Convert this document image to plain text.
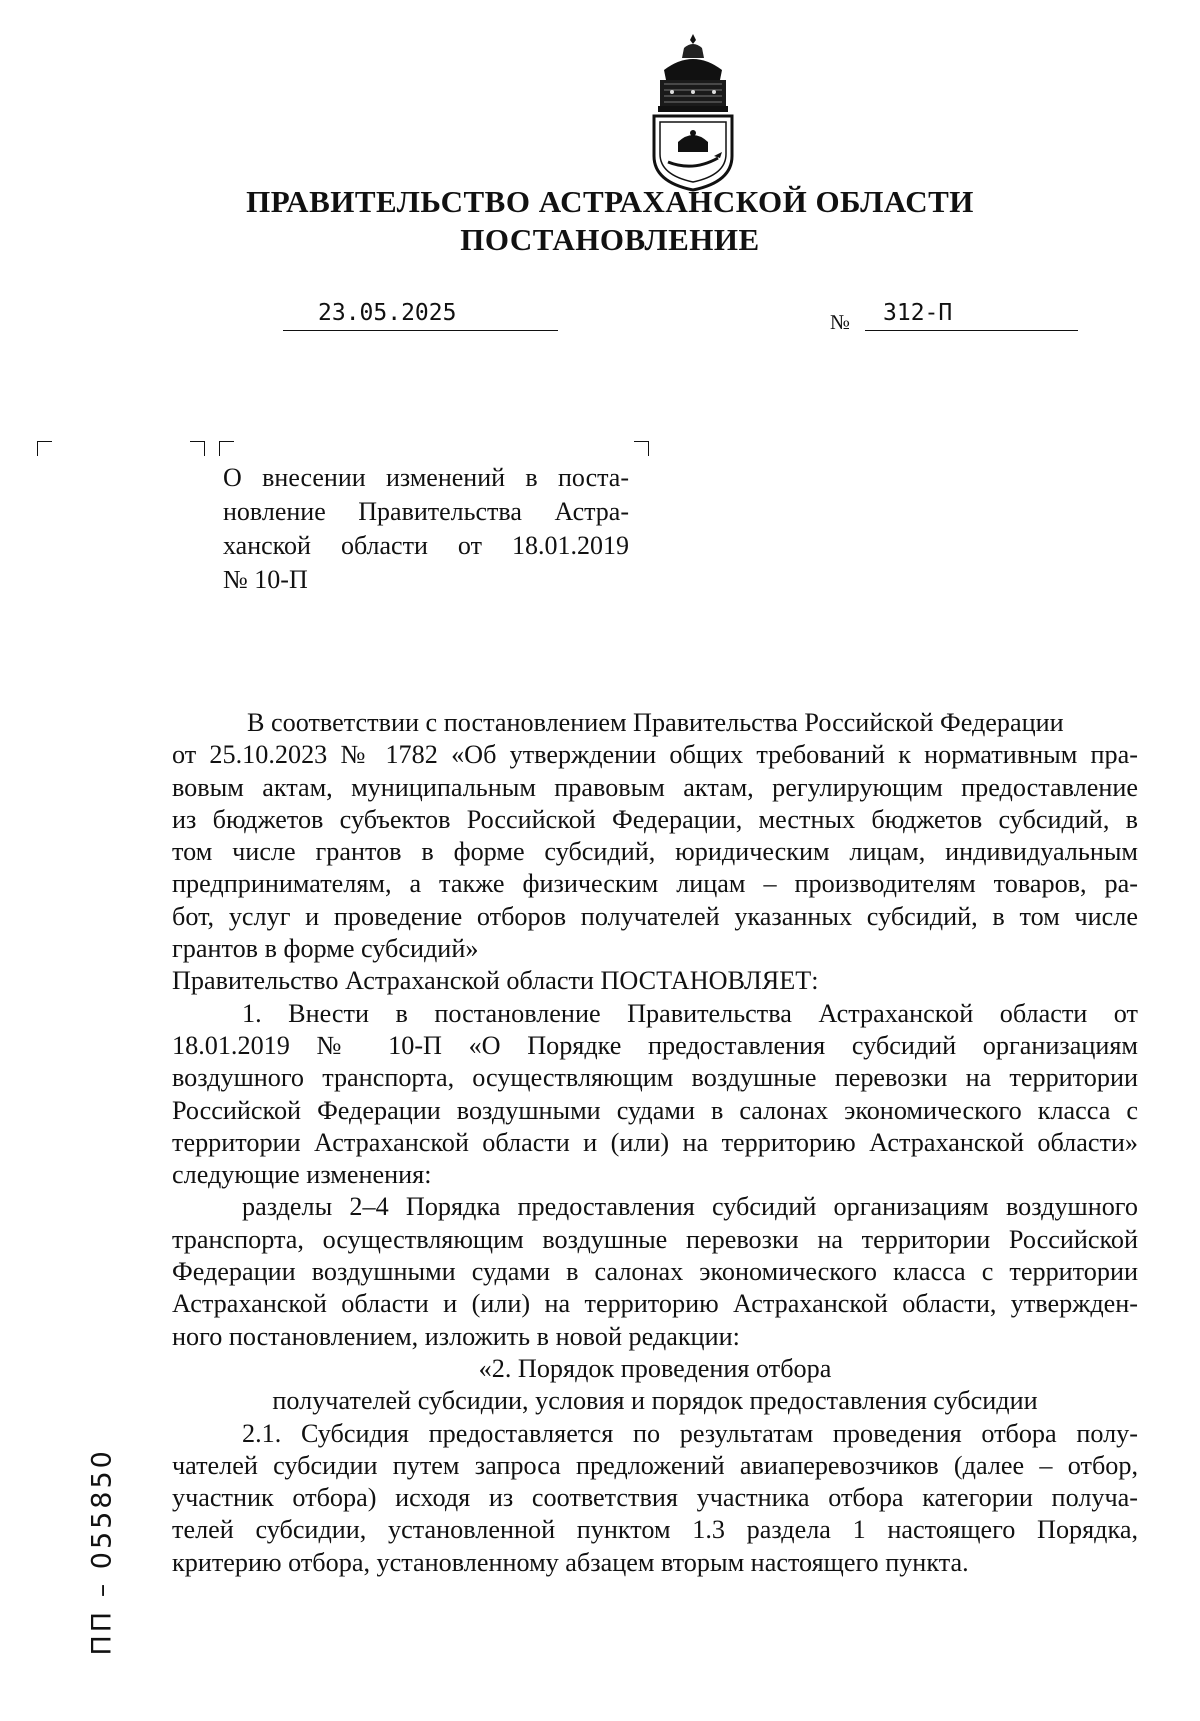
ПРАВИТЕЛЬСТВО АСТРАХАНСКОЙ ОБЛАСТИ
ПОСТАНОВЛЕНИЕ
23.05.2025	№ 312-П
О внесении изменений в поста-
новление Правительства Астра-
ханской области от 18.01.2019
№ 10-П
В соответствии с постановлением Правительства Российской Федерации
от 25.10.2023 № 1782 «Об утверждении общих требований к нормативным пра-
вовым актам, муниципальным правовым актам, регулирующим предоставление
из бюджетов субъектов Российской Федерации, местных бюджетов субсидий, в
том числе грантов в форме субсидий, юридическим лицам, индивидуальным
предпринимателям, а также физическим лицам – производителям товаров, ра-
бот, услуг и проведение отборов получателей указанных субсидий, в том числе
грантов в форме субсидий»
Правительство Астраханской области ПОСТАНОВЛЯЕТ:
1. Внести в постановление Правительства Астраханской области от
18.01.2019 № 10-П «О Порядке предоставления субсидий организациям
воздушного транспорта, осуществляющим воздушные перевозки на территории
Российской Федерации воздушными судами в салонах экономического класса с
территории Астраханской области и (или) на территорию Астраханской области»
следующие изменения:
разделы 2–4 Порядка предоставления субсидий организациям воздушного
транспорта, осуществляющим воздушные перевозки на территории Российской
Федерации воздушными судами в салонах экономического класса с территории
Астраханской области и (или) на территорию Астраханской области, утвержден-
ного постановлением, изложить в новой редакции:
«2. Порядок проведения отбора
получателей субсидии, условия и порядок предоставления субсидии
2.1. Субсидия предоставляется по результатам проведения отбора полу-
чателей субсидии путем запроса предложений авиаперевозчиков (далее – отбор,
участник отбора) исходя из соответствия участника отбора категории получа-
телей субсидии, установленной пунктом 1.3 раздела 1 настоящего Порядка,
критерию отбора, установленному абзацем вторым настоящего пункта.
ПП – 055850
